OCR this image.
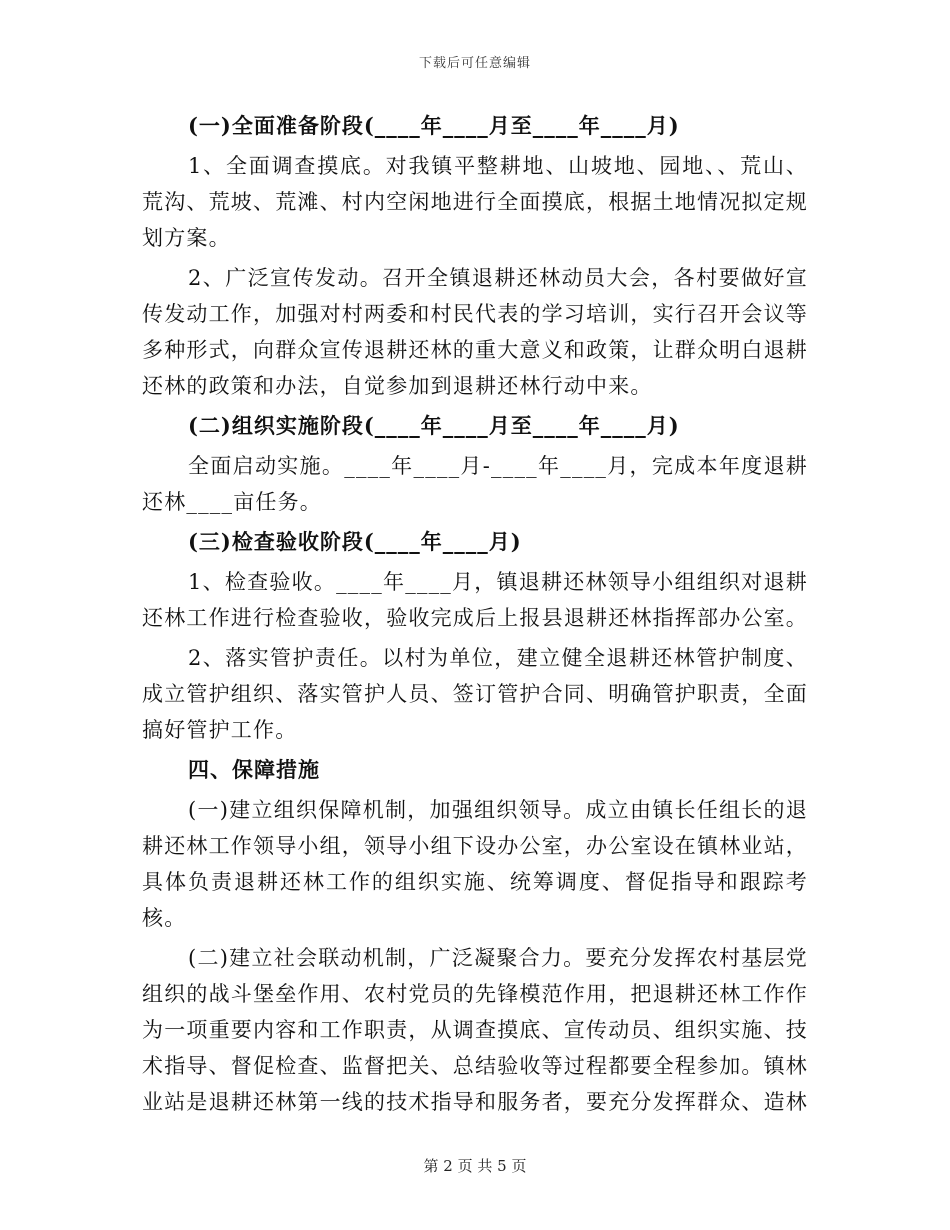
下载后可任意编辑

(一)全面准备阶段(____年____月至____年____月)

1、全面调查摸底。对我镇平整耕地、山坡地、园地、、荒山、荒沟、荒坡、荒滩、村内空闲地进行全面摸底，根据土地情况拟定规划方案。

2、广泛宣传发动。召开全镇退耕还林动员大会，各村要做好宣传发动工作，加强对村两委和村民代表的学习培训，实行召开会议等多种形式，向群众宣传退耕还林的重大意义和政策，让群众明白退耕还林的政策和办法，自觉参加到退耕还林行动中来。

(二)组织实施阶段(____年____月至____年____月)

全面启动实施。____年____月-____年____月，完成本年度退耕还林____亩任务。

(三)检查验收阶段(____年____月)

1、检查验收。____年____月，镇退耕还林领导小组组织对退耕还林工作进行检查验收，验收完成后上报县退耕还林指挥部办公室。

2、落实管护责任。以村为单位，建立健全退耕还林管护制度、成立管护组织、落实管护人员、签订管护合同、明确管护职责，全面搞好管护工作。

四、保障措施

(一)建立组织保障机制，加强组织领导。成立由镇长任组长的退耕还林工作领导小组，领导小组下设办公室，办公室设在镇林业站，具体负责退耕还林工作的组织实施、统筹调度、督促指导和跟踪考核。

(二)建立社会联动机制，广泛凝聚合力。要充分发挥农村基层党组织的战斗堡垒作用、农村党员的先锋模范作用，把退耕还林工作作为一项重要内容和工作职责，从调查摸底、宣传动员、组织实施、技术指导、督促检查、监督把关、总结验收等过程都要全程参加。镇林业站是退耕还林第一线的技术指导和服务者，要充分发挥群众、造林

第 2 页 共 5 页
